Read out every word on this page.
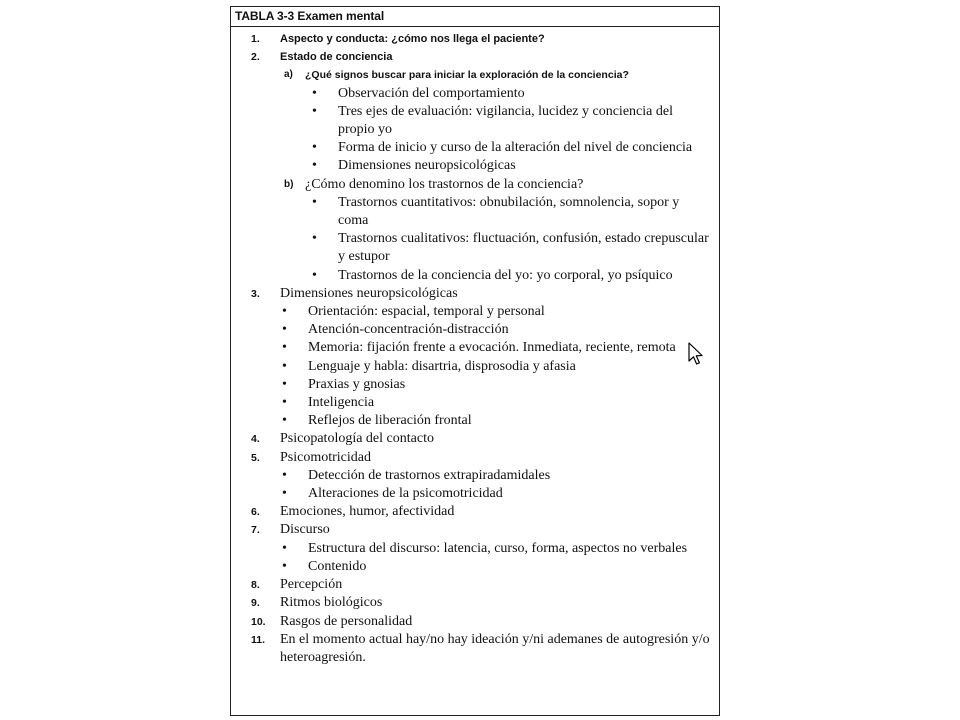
TABLA 3-3 Examen mental
1. Aspecto y conducta: ¿cómo nos llega el paciente?
2. Estado de conciencia
a) ¿Qué signos buscar para iniciar la exploración de la conciencia?
• Observación del comportamiento
• Tres ejes de evaluación: vigilancia, lucidez y conciencia del propio yo
• Forma de inicio y curso de la alteración del nivel de conciencia
• Dimensiones neuropsicológicas
b) ¿Cómo denomino los trastornos de la conciencia?
• Trastornos cuantitativos: obnubilación, somnolencia, sopor y coma
• Trastornos cualitativos: fluctuación, confusión, estado crepuscular y estupor
• Trastornos de la conciencia del yo: yo corporal, yo psíquico
3. Dimensiones neuropsicológicas
• Orientación: espacial, temporal y personal
• Atención-concentración-distracción
• Memoria: fijación frente a evocación. Inmediata, reciente, remota
• Lenguaje y habla: disartria, disprosodia y afasia
• Praxias y gnosias
• Inteligencia
• Reflejos de liberación frontal
4. Psicopatología del contacto
5. Psicomotricidad
• Detección de trastornos extrapiradamidales
• Alteraciones de la psicomotricidad
6. Emociones, humor, afectividad
7. Discurso
• Estructura del discurso: latencia, curso, forma, aspectos no verbales
• Contenido
8. Percepción
9. Ritmos biológicos
10. Rasgos de personalidad
11. En el momento actual hay/no hay ideación y/ni ademanes de autogresión y/o heteroagresión.
